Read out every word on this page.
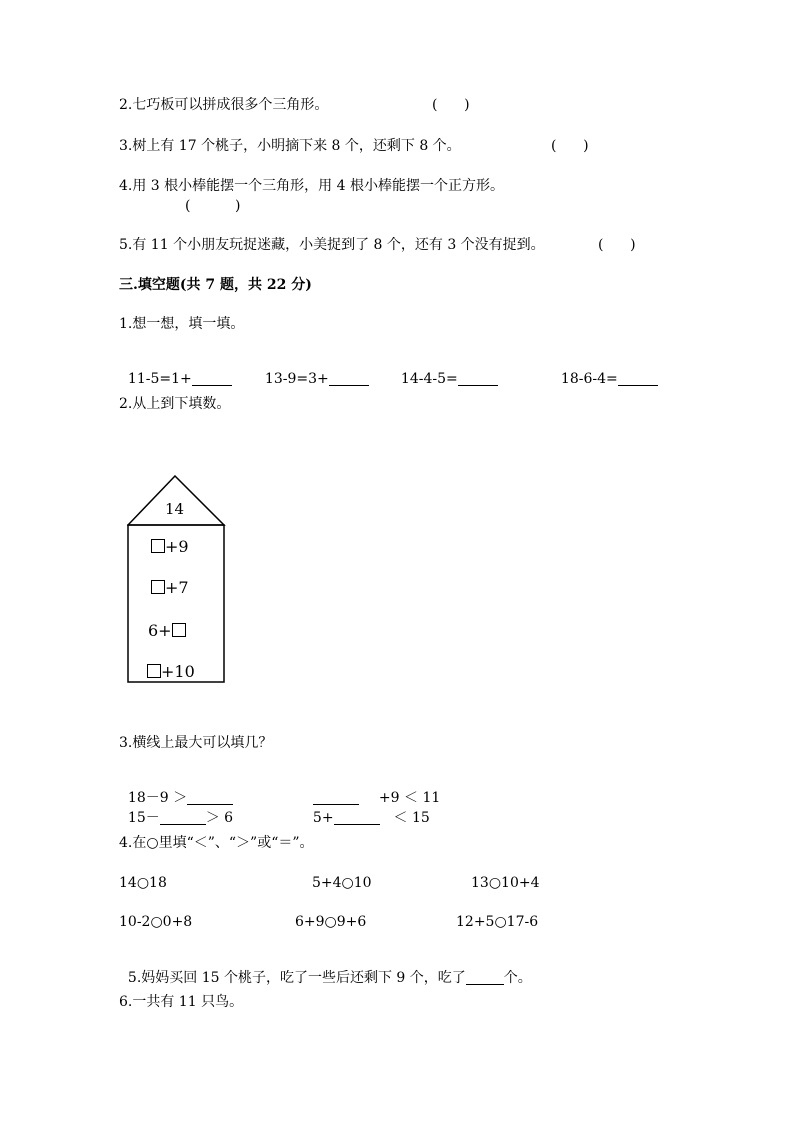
2.七巧板可以拼成很多个三角形。	(      )
3.树上有 17 个桃子，小明摘下来 8 个，还剩下 8 个。	(      )
4.用 3 根小棒能摆一个三角形，用 4 根小棒能摆一个正方形。
(          )
5.有 11 个小朋友玩捉迷藏，小美捉到了 8 个，还有 3 个没有捉到。	(      )
三.填空题(共 7 题，共 22 分)
1.想一想，填一填。

11-5=1+	13-9=3+	14-4-5=	18-6-4=

2.从上到下填数。
14
+9
+7
6+
+10
3.横线上最大可以填几？

18－9 ＞	+9 ＜ 11

15－	＞ 6	5+	＜ 15

4.在○里填“＜”、“＞”或“＝”。
14○18	5+4○10	13○10+4
10-2○0+8	6+9○9+6	12+5○17-6

5.妈妈买回 15 个桃子，吃了一些后还剩下 9 个，吃了	个。

6.一共有 11 只鸟。
